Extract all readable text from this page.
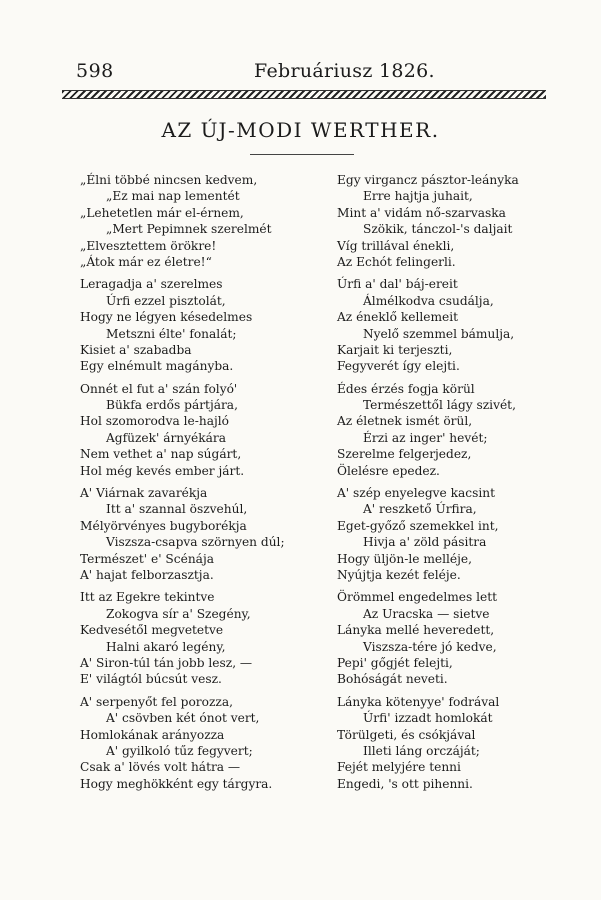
598	Februáriusz 1826.
AZ ÚJ-MODI WERTHER.
„Élni többé nincsen kedvem,
„Ez mai nap lementét
„Lehetetlen már el-érnem,
„Mert Pepimnek szerelmét
„Elvesztettem örökre!
„Átok már ez életre!“
Leragadja a' szerelmes
Úrfi ezzel pisztolát,
Hogy ne légyen késedelmes
Metszni élte' fonalát;
Kisiet a' szabadba
Egy elnémult magányba.
Onnét el fut a' szán folyó'
Bükfa erdős pártjára,
Hol szomorodva le-hajló
Agfüzek' árnyékára
Nem vethet a' nap súgárt,
Hol még kevés ember járt.
A' Viárnak zavarékja
Itt a' szannal öszvehúl,
Mélyörvényes bugyborékja
Viszsza-csapva szörnyen dúl;
Természet' e' Scénája
A' hajat felborzasztja.
Itt az Egekre tekintve
Zokogva sír a' Szegény,
Kedvesétől megvetetve
Halni akaró legény,
A' Siron-túl tán jobb lesz, —
E' világtól búcsút vesz.
A' serpenyőt fel porozza,
A' csövben két ónot vert,
Homlokának arányozza
A' gyilkoló tűz fegyvert;
Csak a' lövés volt hátra —
Hogy meghökként egy tárgyra.
Egy virgancz pásztor-leányka
Erre hajtja juhait,
Mint a' vidám nő-szarvaska
Szökik, tánczol-'s daljait
Víg trillával énekli,
Az Echót felingerli.
Úrfi a' dal' báj-ereit
Álmélkodva csudálja,
Az éneklő kellemeit
Nyelő szemmel bámulja,
Karjait ki terjeszti,
Fegyverét így elejti.
Édes érzés fogja körül
Természettől lágy szivét,
Az életnek ismét örül,
Érzi az inger' hevét;
Szerelme felgerjedez,
Ölelésre epedez.
A' szép enyelegve kacsint
A' reszkető Úrfira,
Eget-győző szemekkel int,
Hivja a' zöld pásitra
Hogy üljön-le melléje,
Nyújtja kezét feléje.
Örömmel engedelmes lett
Az Uracska — sietve
Lányka mellé heveredett,
Viszsza-tére jó kedve,
Pepi' gőgjét felejti,
Bohóságát neveti.
Lányka kötenyye' fodrával
Úrfi' izzadt homlokát
Törülgeti, és csókjával
Illeti láng orczáját;
Fejét melyjére tenni
Engedi, 's ott pihenni.
